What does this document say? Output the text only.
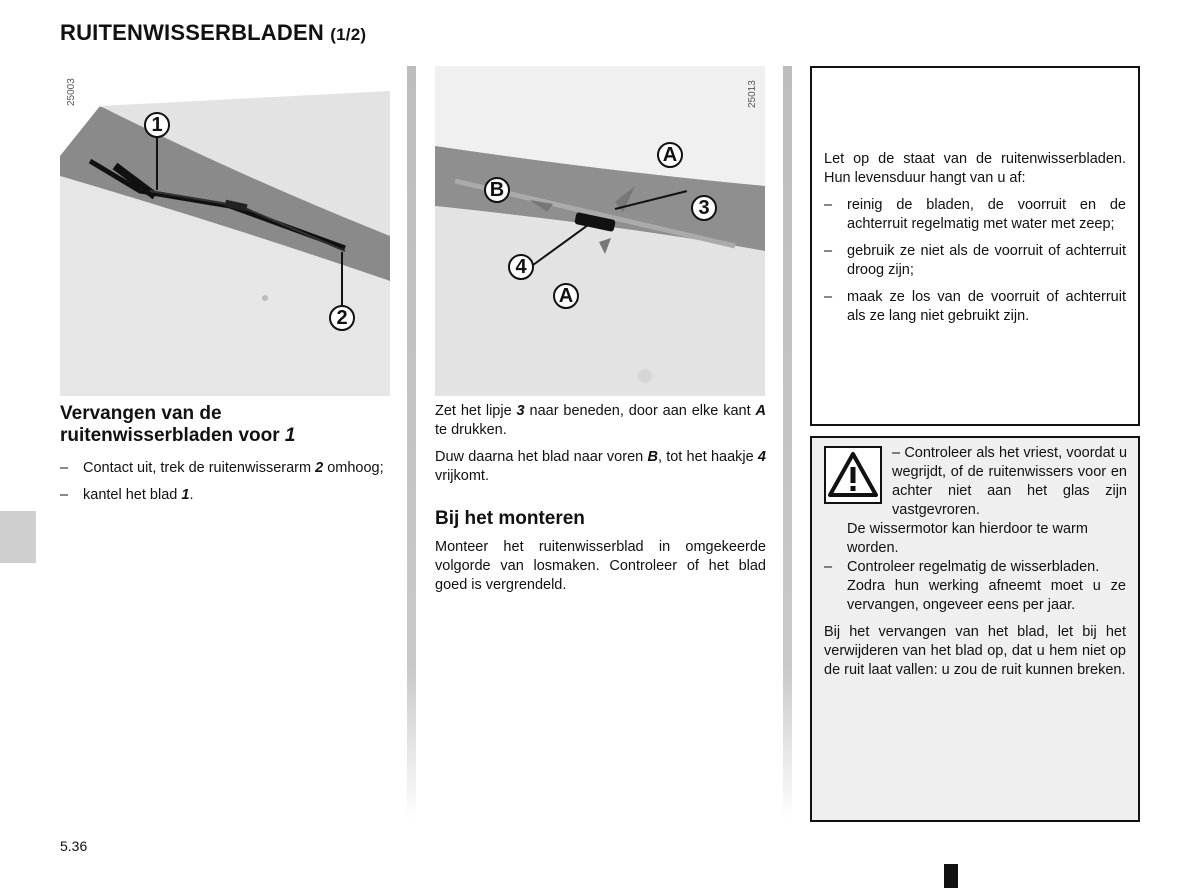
RUITENWISSERBLADEN (1/2)
25003
1
2
25013
A
B
3
4
A
Vervangen van de ruitenwisserbladen voor 1
– Contact uit, trek de ruitenwisserarm 2 omhoog;
– kantel het blad 1.

Zet het lipje 3 naar beneden, door aan elke kant A te drukken.

Duw daarna het blad naar voren B, tot het haakje 4 vrijkomt.

Bij het monteren

Monteer het ruitenwisserblad in omgekeerde volgorde van losmaken. Controleer of het blad goed is vergrendeld.

Let op de staat van de ruitenwisserbladen. Hun levensduur hangt van u af:

– reinig de bladen, de voorruit en de achterruit regelmatig met water met zeep;
– gebruik ze niet als de voorruit of achterruit droog zijn;
– maak ze los van de voorruit of achterruit als ze lang niet gebruikt zijn.
– Controleer als het vriest, voordat u wegrijdt, of de ruitenwissers voor en achter niet aan het glas zijn vastgevroren.

De wissermotor kan hierdoor te warm worden.

– Controleer regelmatig de wisserbladen.

Zodra hun werking afneemt moet u ze vervangen, ongeveer eens per jaar.

Bij het vervangen van het blad, let bij het verwijderen van het blad op, dat u hem niet op de ruit laat vallen: u zou de ruit kunnen breken.

5.36
